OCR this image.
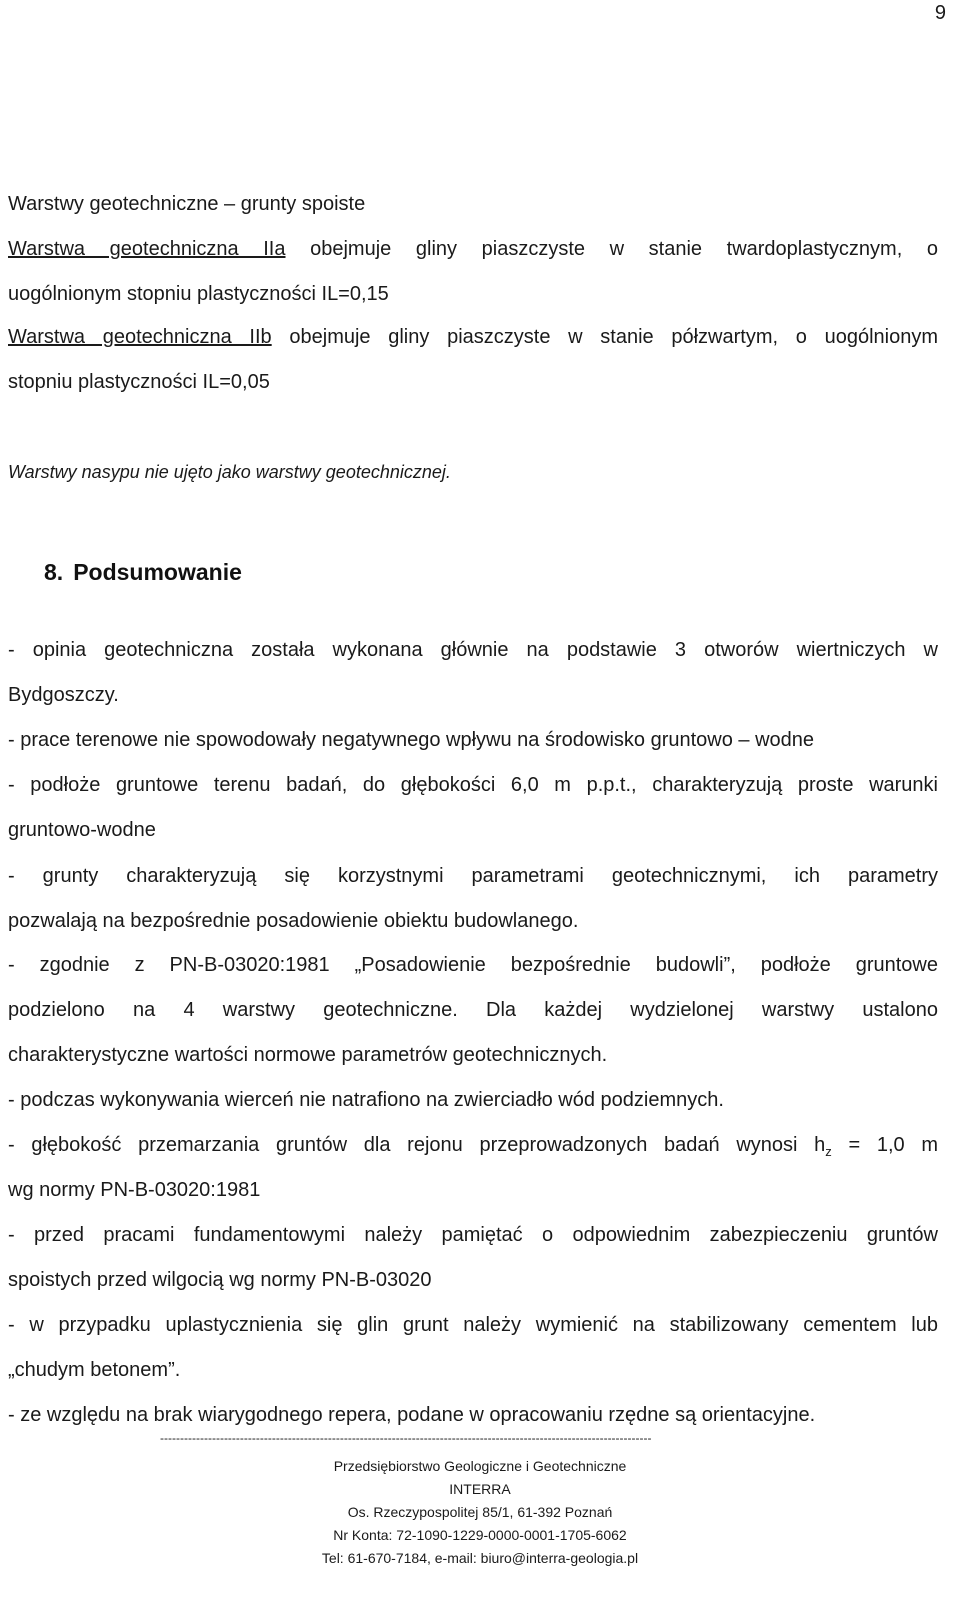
9

Warstwy geotechniczne – grunty spoiste

Warstwa geotechniczna IIa obejmuje gliny piaszczyste w stanie twardoplastycznym, o

uogólnionym stopniu plastyczności IL=0,15

Warstwa geotechniczna IIb obejmuje gliny piaszczyste w stanie półzwartym, o uogólnionym

stopniu plastyczności IL=0,05

Warstwy nasypu nie ujęto jako warstwy geotechnicznej.

8. Podsumowanie

- opinia geotechniczna została wykonana głównie na podstawie 3 otworów wiertniczych w

Bydgoszczy.

- prace terenowe nie spowodowały negatywnego wpływu na środowisko gruntowo – wodne

- podłoże gruntowe terenu badań, do głębokości 6,0 m p.p.t., charakteryzują proste warunki

gruntowo-wodne

- grunty charakteryzują się korzystnymi parametrami geotechnicznymi, ich parametry

pozwalają na bezpośrednie posadowienie obiektu budowlanego.

- zgodnie z PN-B-03020:1981 „Posadowienie bezpośrednie budowli”, podłoże gruntowe

podzielono na 4 warstwy geotechniczne. Dla każdej wydzielonej warstwy ustalono

charakterystyczne wartości normowe parametrów geotechnicznych.

- podczas wykonywania wierceń nie natrafiono na zwierciadło wód podziemnych.

- głębokość przemarzania gruntów dla rejonu przeprowadzonych badań wynosi $h_z = 1,0$ m

wg normy PN-B-03020:1981

- przed pracami fundamentowymi należy pamiętać o odpowiednim zabezpieczeniu gruntów

spoistych przed wilgocią wg normy PN-B-03020

- w przypadku uplastycznienia się glin grunt należy wymienić na stabilizowany cementem lub

„chudym betonem”.

- ze względu na brak wiarygodnego repera, podane w opracowaniu rzędne są orientacyjne.

---------------------------------------------------------------------------------------------------------------------------
Przedsiębiorstwo Geologiczne i Geotechniczne
INTERRA
Os. Rzeczypospolitej 85/1, 61-392 Poznań
Nr Konta: 72-1090-1229-0000-0001-1705-6062
Tel: 61-670-7184, e-mail: biuro@interra-geologia.pl
